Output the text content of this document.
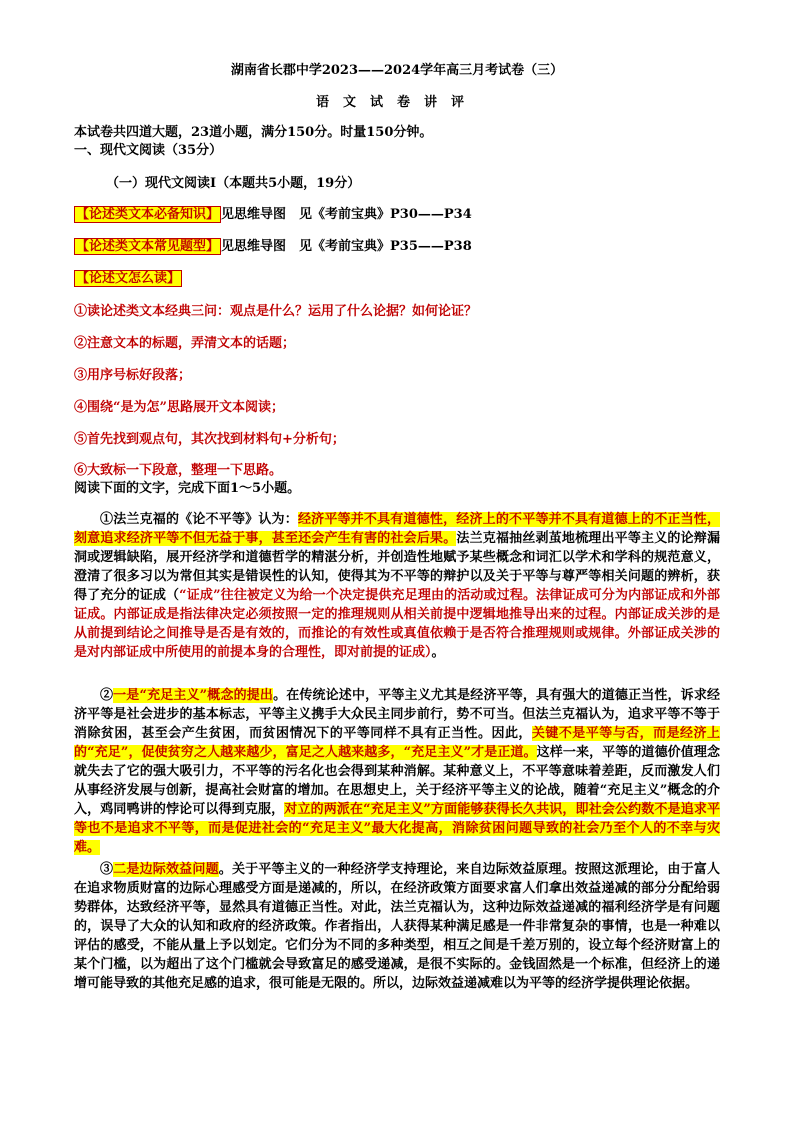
湖南省长郡中学2023——2024学年高三月考试卷（三）
语文试卷讲评
本试卷共四道大题，23道小题，满分150分。时量150分钟。
一、现代文阅读（35分）
（一）现代文阅读Ⅰ（本题共5小题，19分）
【论述类文本必备知识】 见思维导图　见《考前宝典》P30——P34
【论述类文本常见题型】 见思维导图　见《考前宝典》P35——P38
【论述文怎么读】
①读论述类文本经典三问：观点是什么？运用了什么论据？如何论证？
②注意文本的标题，弄清文本的话题；
③用序号标好段落；
④围绕“是为怎”思路展开文本阅读；
⑤首先找到观点句，其次找到材料句+分析句；
⑥大致标一下段意，整理一下思路。
阅读下面的文字，完成下面1～5小题。
①法兰克福的《论不平等》认为：经济平等并不具有道德性，经济上的不平等并不具有道德上的不正当性，刻意追求经济平等不但无益于事，甚至还会产生有害的社会后果。法兰克福抽丝剥茧地梳理出平等主义的论辩漏洞或逻辑缺陷，展开经济学和道德哲学的精湛分析，并创造性地赋予某些概念和词汇以学术和学科的规范意义，澄清了很多习以为常但其实是错误性的认知，使得其为不平等的辩护以及关于平等与尊严等相关问题的辨析，获得了充分的证成（“证成”往往被定义为给一个决定提供充足理由的活动或过程。法律证成可分为内部证成和外部证成。内部证成是指法律决定必须按照一定的推理规则从相关前提中逻辑地推导出来的过程。内部证成关涉的是从前提到结论之间推导是否是有效的，而推论的有效性或真值依赖于是否符合推理规则或规律。外部证成关涉的是对内部证成中所使用的前提本身的合理性，即对前提的证成）。
②一是“充足主义”概念的提出。在传统论述中，平等主义尤其是经济平等，具有强大的道德正当性，诉求经济平等是社会进步的基本标志，平等主义携手大众民主同步前行，势不可当。但法兰克福认为，追求平等不等于消除贫困，甚至会产生贫困，而贫困情况下的平等同样不具有正当性。因此，关键不是平等与否，而是经济上的“充足”，促使贫穷之人越来越少，富足之人越来越多，“充足主义”才是正道。这样一来，平等的道德价值理念就失去了它的强大吸引力，不平等的污名化也会得到某种消解。某种意义上，不平等意味着差距，反而激发人们从事经济发展与创新，提高社会财富的增加。在思想史上，关于经济平等主义的论战，随着“充足主义”概念的介入，鸡同鸭讲的悖论可以得到克服，对立的两派在“充足主义”方面能够获得长久共识，即社会公约数不是追求平等也不是追求不平等，而是促进社会的“充足主义”最大化提高，消除贫困问题导致的社会乃至个人的不幸与灾难。
③二是边际效益问题。关于平等主义的一种经济学支持理论，来自边际效益原理。按照这派理论，由于富人在追求物质财富的边际心理感受方面是递减的，所以，在经济政策方面要求富人们拿出效益递减的部分分配给弱势群体，达致经济平等，显然具有道德正当性。对此，法兰克福认为，这种边际效益递减的福利经济学是有问题的，误导了大众的认知和政府的经济政策。作者指出，人获得某种满足感是一件非常复杂的事情，也是一种难以评估的感受，不能从量上予以划定。它们分为不同的多种类型，相互之间是千差万别的，设立每个经济财富上的某个门槛，以为超出了这个门槛就会导致富足的感受递减，是很不实际的。金钱固然是一个标准，但经济上的递增可能导致的其他充足感的追求，很可能是无限的。所以，边际效益递减难以为平等的经济学提供理论依据。
